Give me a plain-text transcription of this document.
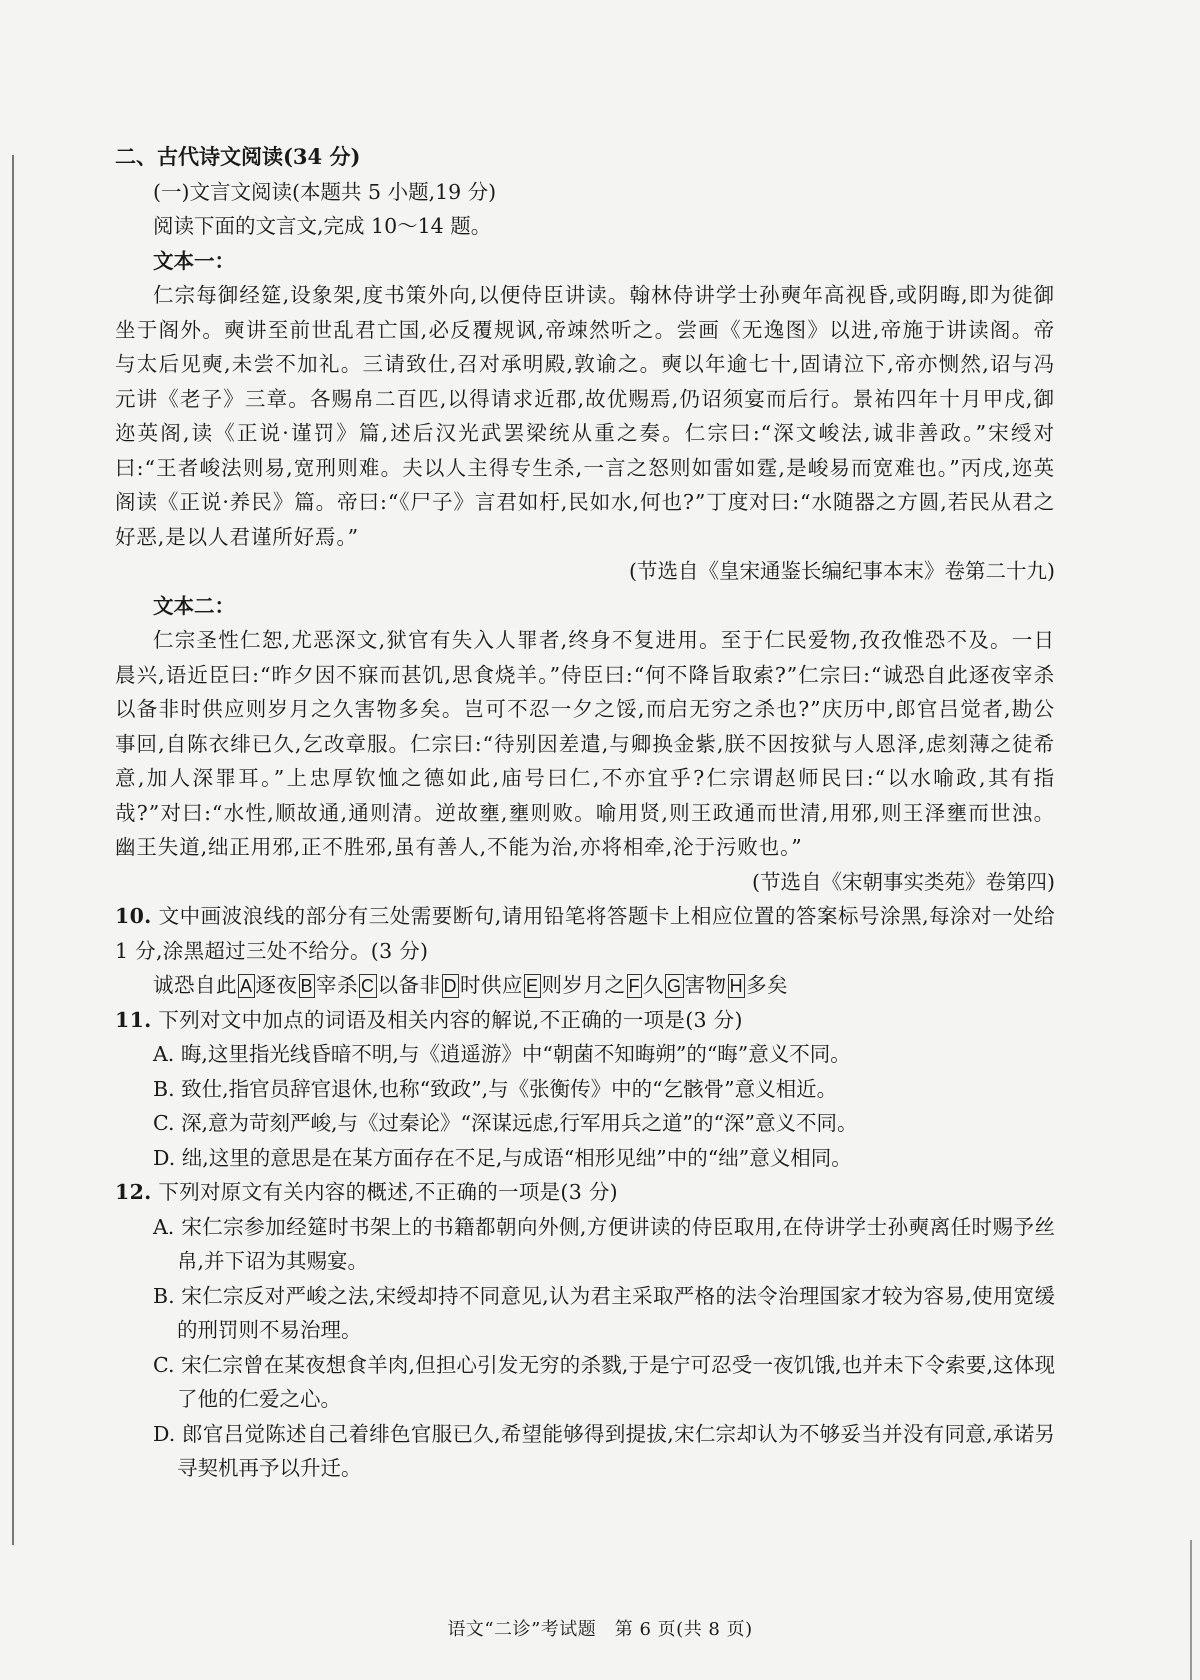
二、古代诗文阅读(34 分)
(一)文言文阅读(本题共 5 小题,19 分)
阅读下面的文言文,完成 10～14 题。
文本一：
仁宗每御经筵,设象架,度书策外向,以便侍臣讲读。翰林侍讲学士孙奭年高视昏,或阴晦,即为徙御坐于阁外。奭讲至前世乱君亡国,必反覆规讽,帝竦然听之。尝画《无逸图》以进,帝施于讲读阁。帝与太后见奭,未尝不加礼。三请致仕,召对承明殿,敦谕之。奭以年逾七十,固请泣下,帝亦恻然,诏与冯元讲《老子》三章。各赐帛二百匹,以得请求近郡,故优赐焉,仍诏须宴而后行。景祐四年十月甲戌,御迩英阁,读《正说·谨罚》篇,述后汉光武罢梁统从重之奏。仁宗曰:“深文峻法,诚非善政。”宋绶对曰:“王者峻法则易,宽刑则难。夫以人主得专生杀,一言之怒则如雷如霆,是峻易而宽难也。”丙戌,迩英阁读《正说·养民》篇。帝曰:“《尸子》言君如杅,民如水,何也?”丁度对曰:“水随器之方圆,若民从君之好恶,是以人君谨所好焉。”
(节选自《皇宋通鉴长编纪事本末》卷第二十九)
文本二：
仁宗圣性仁恕,尤恶深文,狱官有失入人罪者,终身不复进用。至于仁民爱物,孜孜惟恐不及。一日晨兴,语近臣曰:“昨夕因不寐而甚饥,思食烧羊。”侍臣曰:“何不降旨取索?”仁宗曰:“诚恐自此逐夜宰杀以备非时供应则岁月之久害物多矣。岂可不忍一夕之馁,而启无穷之杀也?”庆历中,郎官吕觉者,勘公事回,自陈衣绯已久,乞改章服。仁宗曰:“待别因差遣,与卿换金紫,朕不因按狱与人恩泽,虑刻薄之徒希意,加人深罪耳。”上忠厚钦恤之德如此,庙号曰仁,不亦宜乎?仁宗谓赵师民曰:“以水喻政,其有指哉?”对曰:“水性,顺故通,通则清。逆故壅,壅则败。喻用贤,则王政通而世清,用邪,则王泽壅而世浊。幽王失道,绌正用邪,正不胜邪,虽有善人,不能为治,亦将相牵,沦于污败也。”
(节选自《宋朝事实类苑》卷第四)
10. 文中画波浪线的部分有三处需要断句,请用铅笔将答题卡上相应位置的答案标号涂黑,每涂对一处给 1 分,涂黑超过三处不给分。(3 分)
诚恐自此 A 逐夜 B 宰杀 C 以备非 D 时供应 E 则岁月之 F 久 G 害物 H 多矣
11. 下列对文中加点的词语及相关内容的解说,不正确的一项是(3 分)
A. 晦,这里指光线昏暗不明,与《逍遥游》中“朝菌不知晦朔”的“晦”意义不同。
B. 致仕,指官员辞官退休,也称“致政”,与《张衡传》中的“乞骸骨”意义相近。
C. 深,意为苛刻严峻,与《过秦论》“深谋远虑,行军用兵之道”的“深”意义不同。
D. 绌,这里的意思是在某方面存在不足,与成语“相形见绌”中的“绌”意义相同。
12. 下列对原文有关内容的概述,不正确的一项是(3 分)
A. 宋仁宗参加经筵时书架上的书籍都朝向外侧,方便讲读的侍臣取用,在侍讲学士孙奭离任时赐予丝帛,并下诏为其赐宴。
B. 宋仁宗反对严峻之法,宋绶却持不同意见,认为君主采取严格的法令治理国家才较为容易,使用宽缓的刑罚则不易治理。
C. 宋仁宗曾在某夜想食羊肉,但担心引发无穷的杀戮,于是宁可忍受一夜饥饿,也并未下令索要,这体现了他的仁爱之心。
D. 郎官吕觉陈述自己着绯色官服已久,希望能够得到提拔,宋仁宗却认为不够妥当并没有同意,承诺另寻契机再予以升迁。
语文“二诊”考试题　第 6 页(共 8 页)
